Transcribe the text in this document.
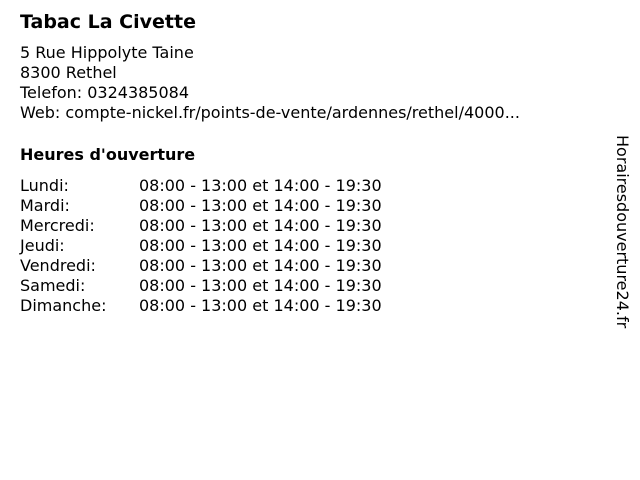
Tabac La Civette
5 Rue Hippolyte Taine
8300 Rethel
Telefon: 0324385084
Web: compte-nickel.fr/points-de-vente/ardennes/rethel/4000...
Heures d'ouverture
Lundi:	08:00 - 13:00 et 14:00 - 19:30
Mardi:	08:00 - 13:00 et 14:00 - 19:30
Mercredi:	08:00 - 13:00 et 14:00 - 19:30
Jeudi:	08:00 - 13:00 et 14:00 - 19:30
Vendredi:	08:00 - 13:00 et 14:00 - 19:30
Samedi:	08:00 - 13:00 et 14:00 - 19:30
Dimanche:	08:00 - 13:00 et 14:00 - 19:30	Horairesdouverture24.fr
